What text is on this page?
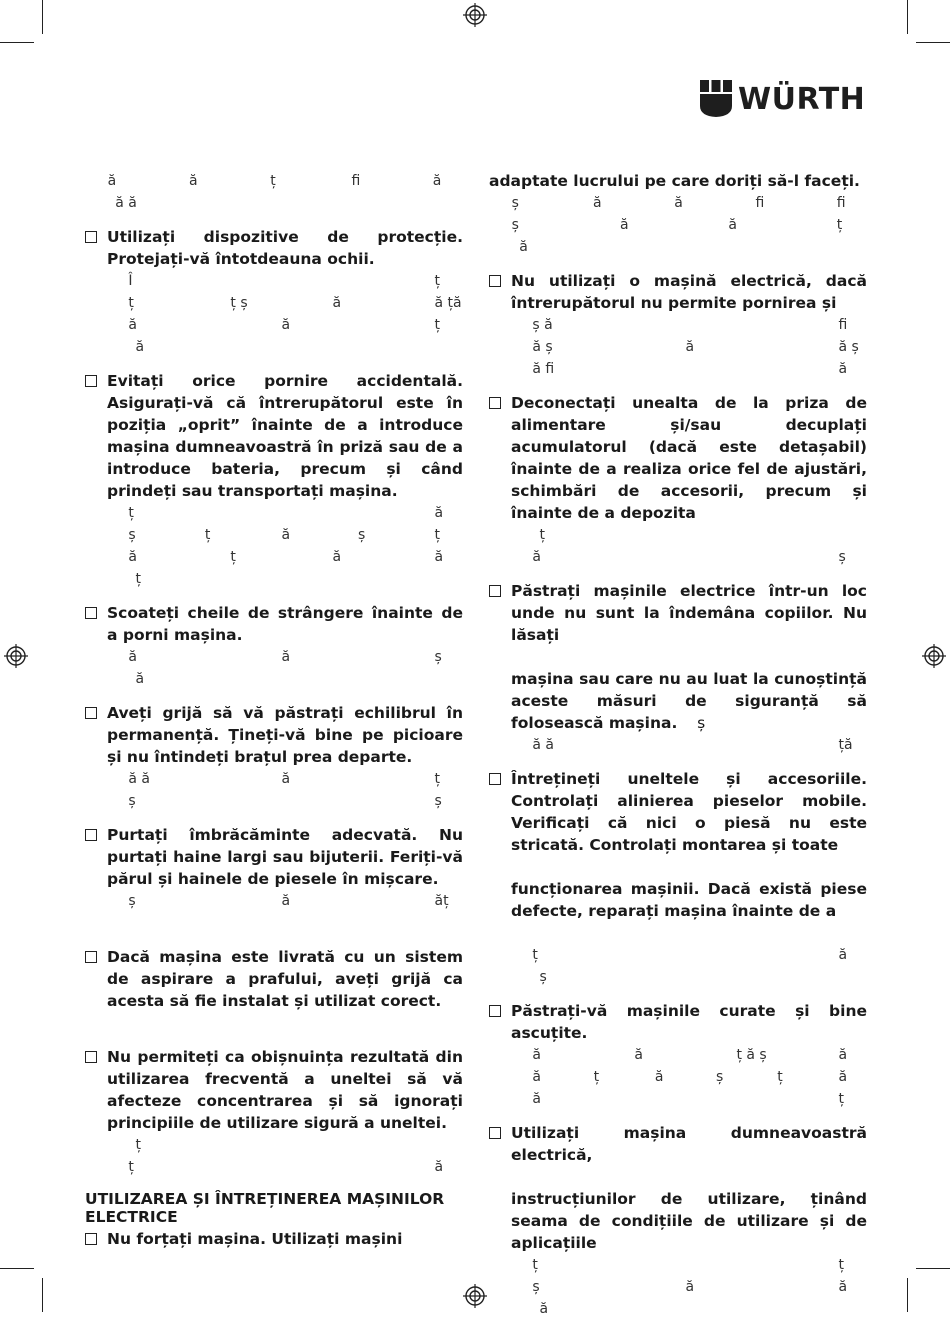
WÜRTH
ă	ă	ț	fi	ă
ă ă
Utilizați dispozitive de protecție. Protejați-vă întotdeauna ochii.
Î	ț
ț	ț ș	ă	ă ță
ă	ă	ț
ă
Evitați orice pornire accidentală. Asigurați-vă că întrerupătorul este în poziția „oprit” înainte de a introduce mașina dumneavoastră în priză sau de a introduce bateria, precum și când prindeți sau transportați mașina.
ț	ă
ș	ț	ă	ș	ț
ă	ț	ă	ă
ț
Scoateți cheile de strângere înainte de a porni mașina.
ă	ă	ș
ă
Aveți grijă să vă păstrați echilibrul în permanență. Țineți-vă bine pe picioare și nu întindeți brațul prea departe.
ă ă	ă	ț
ș	ș
Purtați îmbrăcăminte adecvată. Nu purtați haine largi sau bijuterii. Feriți-vă părul și hainele de piesele în mișcare.
ș	ă	ăț
Dacă mașina este livrată cu un sistem de aspirare a prafului, aveți grijă ca acesta să fie instalat și utilizat corect.
Nu permiteți ca obișnuința rezultată din utilizarea frecventă a uneltei să vă afecteze concentrarea și să ignorați principiile de utilizare sigură a uneltei.
ț
ț	ă
UTILIZAREA ȘI ÎNTREȚINEREA MAȘINILOR ELECTRICE
Nu forțați mașina. Utilizați mașini
adaptate lucrului pe care doriți să-l faceți.
ș	ă	ă	fi	fi
ș	ă	ă	ț
ă
Nu utilizați o mașină electrică, dacă întrerupătorul nu permite pornirea și
ș ă	fi
ă ș	ă	ă ș
ă fi	ă
Deconectați unealta de la priza de alimentare și/sau decuplați acumulatorul (dacă este detașabil) înainte de a realiza orice fel de ajustări, schimbări de accesorii, precum și înainte de a depozita
ț
ă	ș
Păstrați mașinile electrice într-un loc unde nu sunt la îndemâna copiilor. Nu lăsați
mașina sau care nu au luat la cunoștință aceste măsuri de siguranță să folosească mașina.    ș
ă ă	ță
Întrețineți uneltele și accesoriile. Controlați alinierea pieselor mobile. Verificați că nici o piesă nu este stricată. Controlați montarea și toate
funcționarea mașinii. Dacă există piese defecte, reparați mașina înainte de a
ț	ă
ș
Păstrați-vă mașinile curate și bine ascuțite.
ă	ă	ț ă ș	ă
ă	ț	ă	ș	ț	ă
ă	ț
Utilizați mașina dumneavoastră electrică,
instrucțiunilor de utilizare, ținând seama de condițiile de utilizare și de aplicațiile
ț	ț
ș	ă	ă
ă
